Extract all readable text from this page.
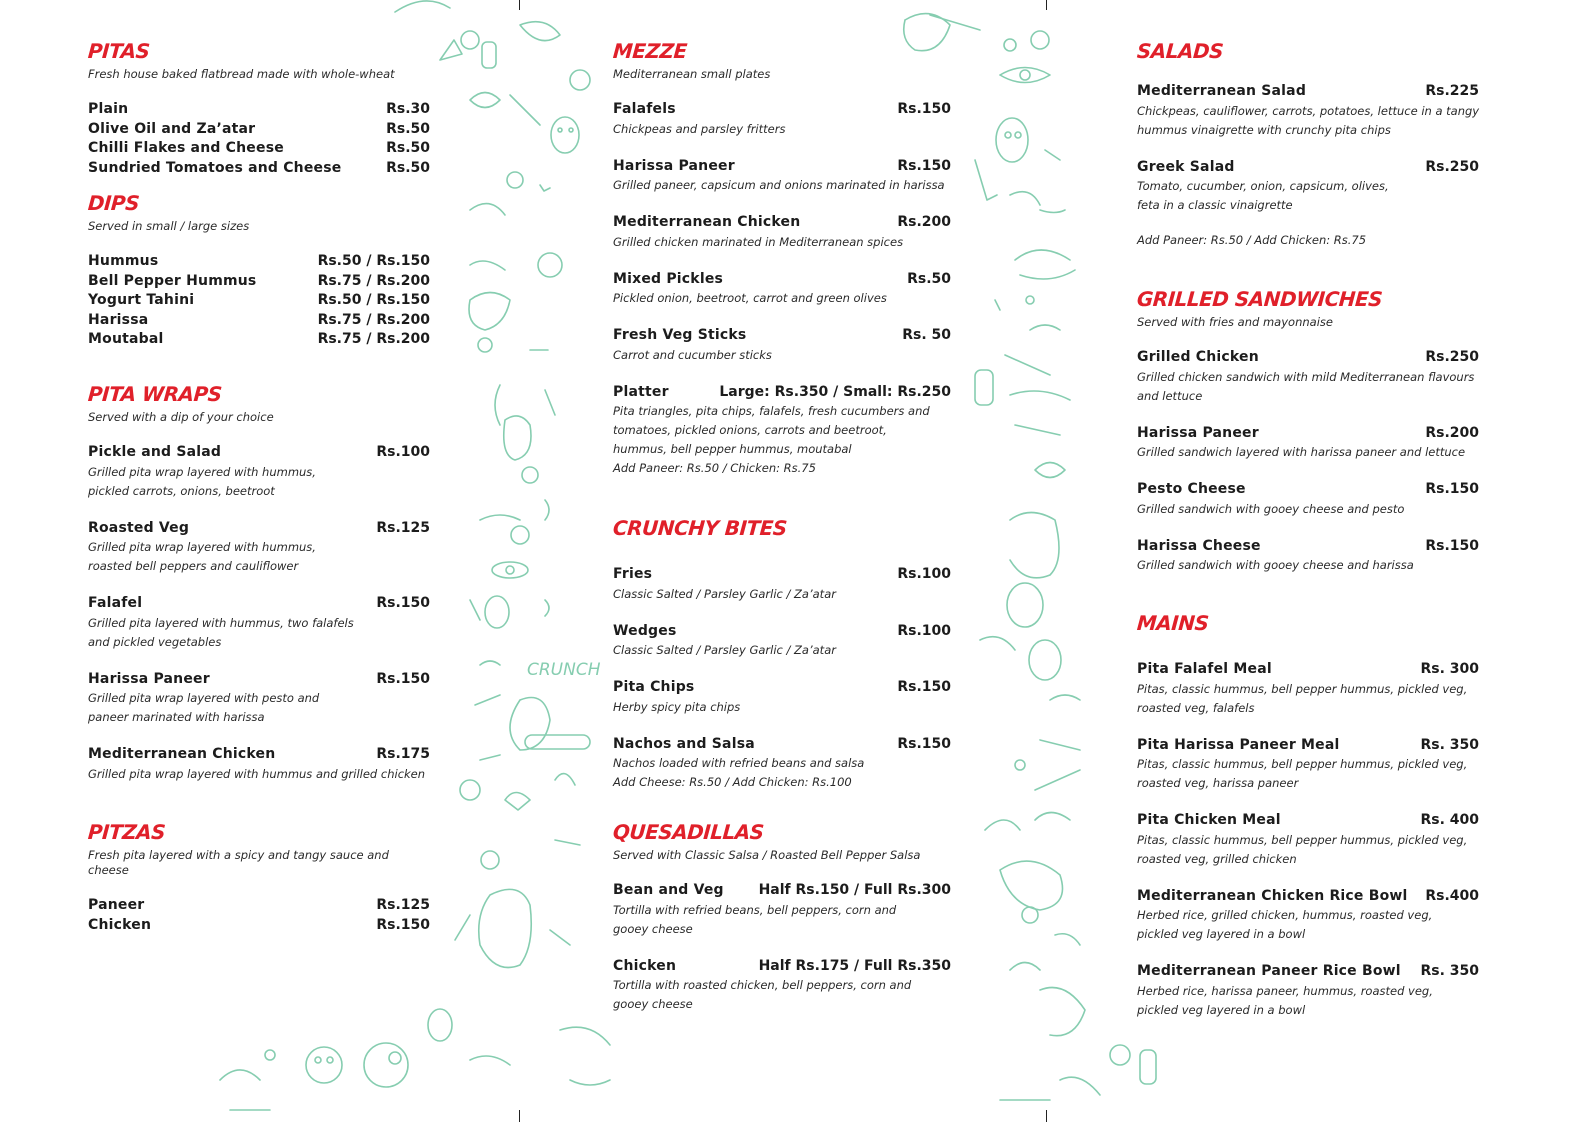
CRUNCH
PITAS
Fresh house baked flatbread made with whole-wheat
Plain	Rs.30
Olive Oil and Za’atar	Rs.50
Chilli Flakes and Cheese	Rs.50
Sundried Tomatoes and Cheese	Rs.50
DIPS
Served in small / large sizes
Hummus	Rs.50 / Rs.150
Bell Pepper Hummus	Rs.75 / Rs.200
Yogurt Tahini	Rs.50 / Rs.150
Harissa	Rs.75 / Rs.200
Moutabal	Rs.75 / Rs.200
PITA WRAPS
Served with a dip of your choice
Pickle and Salad	Rs.100
Grilled pita wrap layered with hummus,
pickled carrots, onions, beetroot
Roasted Veg	Rs.125
Grilled pita wrap layered with hummus,
roasted bell peppers and cauliflower
Falafel	Rs.150
Grilled pita layered with hummus, two falafels
and pickled vegetables
Harissa Paneer	Rs.150
Grilled pita wrap layered with pesto and
paneer marinated with harissa
Mediterranean Chicken	Rs.175
Grilled pita wrap layered with hummus and grilled chicken
PITZAS
Fresh pita layered with a spicy and tangy sauce and cheese
Paneer	Rs.125
Chicken	Rs.150
MEZZE
Mediterranean small plates
Falafels	Rs.150
Chickpeas and parsley fritters
Harissa Paneer	Rs.150
Grilled paneer, capsicum and onions marinated in harissa
Mediterranean Chicken	Rs.200
Grilled chicken marinated in Mediterranean spices
Mixed Pickles	Rs.50
Pickled onion, beetroot, carrot and green olives
Fresh Veg Sticks	Rs. 50
Carrot and cucumber sticks
Platter	Large: Rs.350 / Small: Rs.250
Pita triangles, pita chips, falafels, fresh cucumbers and
tomatoes, pickled onions, carrots and beetroot,
hummus, bell pepper hummus, moutabal
Add Paneer: Rs.50 / Chicken: Rs.75
CRUNCHY BITES
Fries	Rs.100
Classic Salted / Parsley Garlic / Za’atar
Wedges	Rs.100
Classic Salted / Parsley Garlic / Za’atar
Pita Chips	Rs.150
Herby spicy pita chips
Nachos and Salsa	Rs.150
Nachos loaded with refried beans and salsa
Add Cheese: Rs.50 / Add Chicken: Rs.100
QUESADILLAS
Served with Classic Salsa / Roasted Bell Pepper Salsa
Bean and Veg Half Rs.150 / Full Rs.300
Tortilla with refried beans, bell peppers, corn and
gooey cheese
Chicken	Half Rs.175 / Full Rs.350
Tortilla with roasted chicken, bell peppers, corn and
gooey cheese
SALADS
Mediterranean Salad	Rs.225
Chickpeas, cauliflower, carrots, potatoes, lettuce in a tangy
hummus vinaigrette with crunchy pita chips
Greek Salad	Rs.250
Tomato, cucumber, onion, capsicum, olives,
feta in a classic vinaigrette
Add Paneer: Rs.50 / Add Chicken: Rs.75
GRILLED SANDWICHES
Served with fries and mayonnaise
Grilled Chicken	Rs.250
Grilled chicken sandwich with mild Mediterranean flavours
and lettuce
Harissa Paneer	Rs.200
Grilled sandwich layered with harissa paneer and lettuce
Pesto Cheese	Rs.150
Grilled sandwich with gooey cheese and pesto
Harissa Cheese	Rs.150
Grilled sandwich with gooey cheese and harissa
MAINS
Pita Falafel Meal	Rs. 300
Pitas, classic hummus, bell pepper hummus, pickled veg,
roasted veg, falafels
Pita Harissa Paneer Meal	Rs. 350
Pitas, classic hummus, bell pepper hummus, pickled veg,
roasted veg, harissa paneer
Pita Chicken Meal	Rs. 400
Pitas, classic hummus, bell pepper hummus, pickled veg,
roasted veg, grilled chicken
Mediterranean Chicken Rice Bowl Rs.400
Herbed rice, grilled chicken, hummus, roasted veg,
pickled veg layered in a bowl
Mediterranean Paneer Rice Bowl Rs. 350
Herbed rice, harissa paneer, hummus, roasted veg,
pickled veg layered in a bowl
